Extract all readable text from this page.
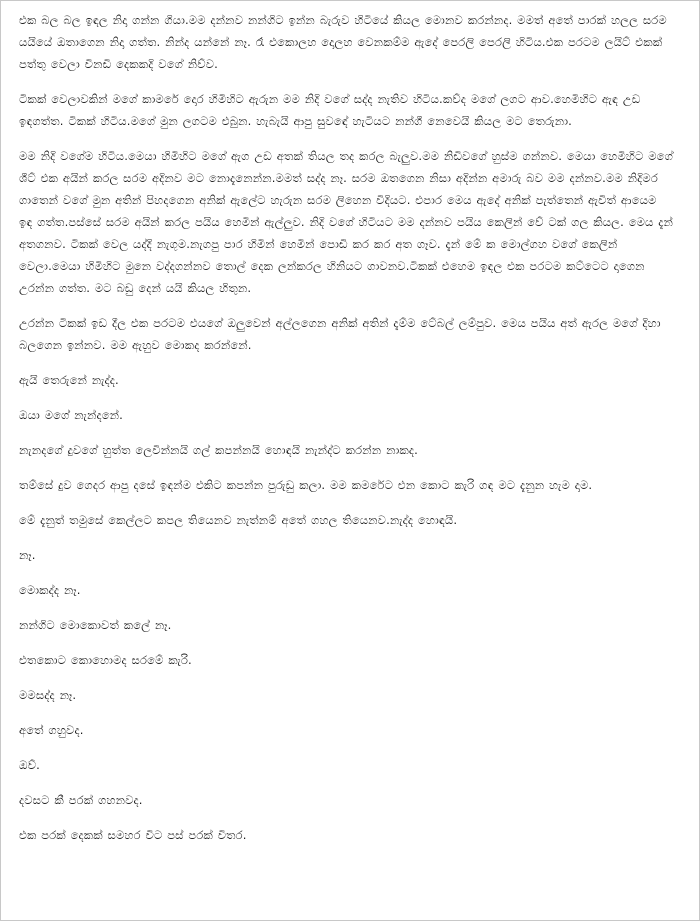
එක බල බල ඉඳල නිදා ගන්න ගියා.මම දන්නව නන්ගිට ඉන්න බැරුව හිටියේ කියල මොනව කරන්නද. මමත් අතේ පාරක් හලල සරම යයියේ ඔතාගෙන නිදා ගත්ත. නින්ද යන්නේ නෑ. රෑ එකොලහ දොලහ වෙනකම්ම ඇදේ පෙරලි පෙරලි හිටිය.එක පරටම ලයිට් එකක් පත්තු වෙලා විනඩි දෙකකදි වගේ නිව්ව.

ටිකක් වෙලාවකින් මගේ කාමරේ දොර හිමිහිට ඇරුන මම නිදි වගේ සද්ද නැතිව හිටිය.කව්ද මගේ ලගට ආව.හෙමිහිට ඇඳ උඩ ඉඳගත්ත. ටිකක් හිටිය.මගේ මුන ලගටම එබුන. හැබැයි ආපු සුවඳේ හැටියට නන්ගී නෙවෙයි කියල මට තෙරුනා.

මම නිදි වගේම හිටිය.මෙයා හිමිහිට මගේ ඇග උඩ අතක් තියල තද කරල බැලුව.මම නිඩිවගේ හුස්ම ගන්නව. මෙයා හෙමිහිට මගේ ශීට් එක අයින් කරල සරම අදිනව මට නොදැනෙන්න.මමත් සද්ද නෑ. සරම ඔතගෙන නිසා අදින්න අමාරු බව මම දන්නව.මම නිදිමර ගාතෙන් වගේ මුන අතින් පිහදගෙන අනික් ඇලේට හැරුන සරම ලිහෙන විදියට. එපාර මෙය ඇදේ අනික් පැත්තෙන් ඇවිත් ආයෙම ඉඳ ගත්ත.පස්සේ සරම අයින් කරල පයිය හෙමින් ඇල්ලුව. නිදි වගේ හිටියට මම දන්නව පයිය කෙලින් වේ ටක් ගල කියල. මෙය දැන් අතගනව. ටිකක් වෙල යද්දි නැගුම.නැගපු පාර හිමින් හෙමින් පොඩි කර කර අත ගෑව. දැන් මේ ක මොල්ගහ වගේ කෙලින් වෙලා.මෙයා හිමිහිට මුනෙ වද්දගන්නව තොල් දෙක ලන්කරල හිනියට ගාවනව.ටිකක් එහෙම ඉඳල එක පරටම කට්ටෙට දාගෙන උරන්න ගත්ත. මට බඩු දෙන් යයි කියල හිතුන.

උරන්න ටිකක් ඉඩ දීල එක පරටම එයගේ ඔලුවෙන් අල්ලගෙන අනික් අතින් දැම්ම ටේබල් ලම්පුව. මෙය පයිය අත් ඇරල මගේ දිහා බලගෙන ඉන්නව. මම ඇහුව මොකද කරන්නේ.

ඇයි තෙරුනේ නැද්ද.

ඔයා මගේ නැන්දනේ.

නැනදගේ දුවගේ හුත්ත ලෙවින්නයි ගල් කපන්නයි හොඳයි නැන්ද්ට කරන්න නාකද.

තම්සේ දුව ගෙදර ආපු දසේ ඉඳන්ම එකිට කපන්න පුරුඩු කලා. මම කමරේට එන කොට කැරි ගඳ මට දැනුන හැම දාම.

මේ දැනුත් තමුසේ කෙල්ලට කපල තියෙනව නැත්නම් අතේ ගහල තියෙනව.නැද්ද හොඳයි.

නෑ.

මොකද්ද නෑ.

නන්ගිට මොකොවත් කලේ නෑ.

එතකොට කොහොමද සරමේ කැරි.

මමසද්ද නෑ.

අතේ ගහුවද.

ඔව්.

දවසට කී පරක් ගහනවද.

එක පරක් දෙකක් සමහර විට පස් පරක් විතර.
